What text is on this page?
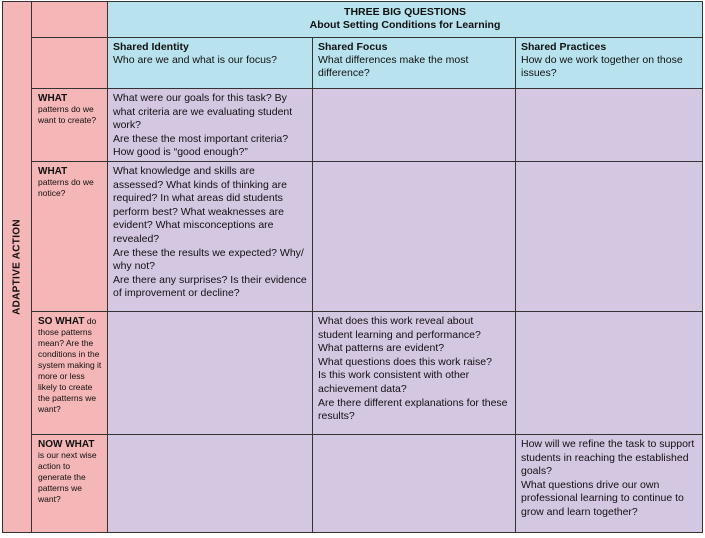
ADAPTIVE ACTION
THREE BIG QUESTIONS
About Setting Conditions for Learning
Shared Identity
Who are we and what is our focus?
Shared Focus
What differences make the most difference?
Shared Practices
How do we work together on those issues?
WHAT
patterns do we want to create?
What were our goals for this task? By what criteria are we evaluating student work?
Are these the most important criteria?
How good is “good enough?”
WHAT
patterns do we notice?
What knowledge and skills are assessed? What kinds of thinking are required? In what areas did students perform best? What weaknesses are evident? What misconceptions are revealed?
Are these the results we expected? Why/ why not?
Are there any surprises? Is their evidence of improvement or decline?
SO WHAT do those patterns mean? Are the conditions in the system making it more or less likely to create the patterns we want?
What does this work reveal about student learning and performance?
What patterns are evident?
What questions does this work raise?
Is this work consistent with other achievement data?
Are there different explanations for these results?
NOW WHAT
is our next wise action to generate the patterns we want?
How will we refine the task to support students in reaching the established goals?
What questions drive our own professional learning to continue to grow and learn together?
